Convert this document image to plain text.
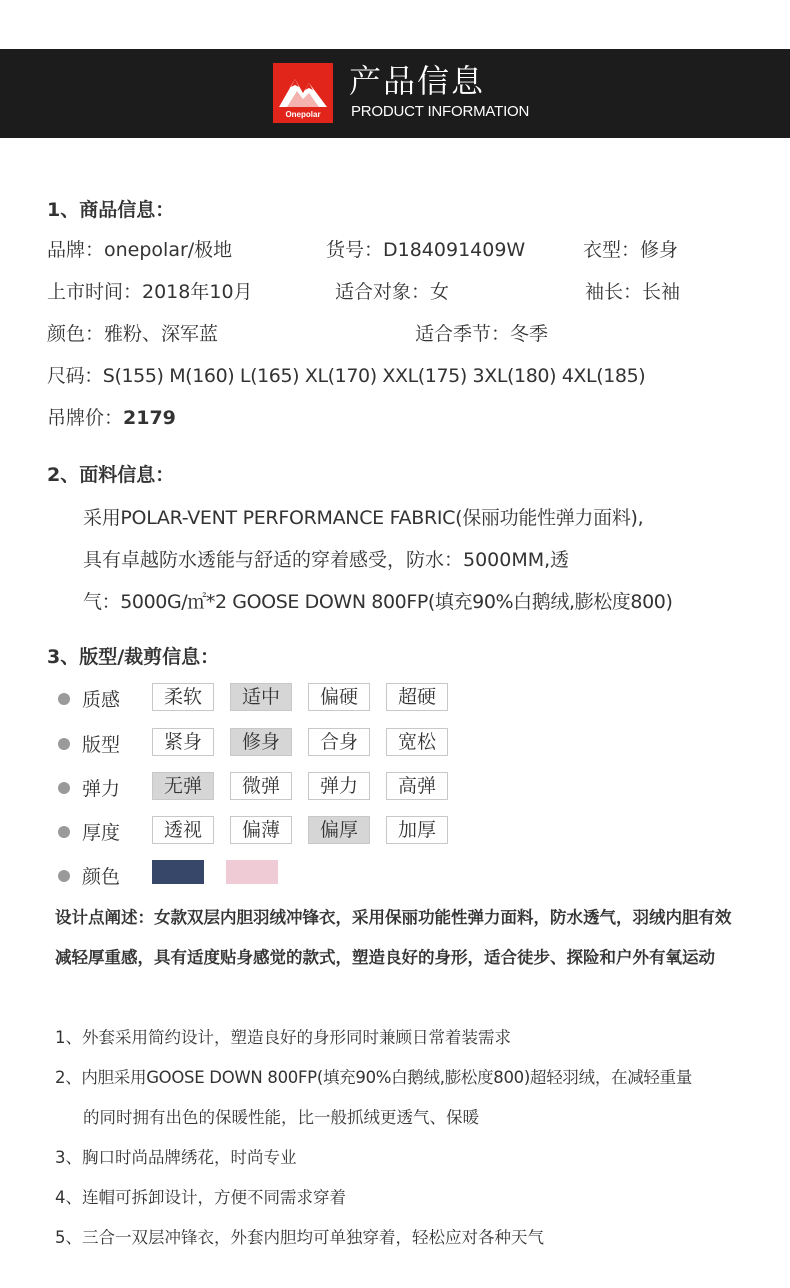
Onepolar
产品信息
PRODUCT INFORMATION
1、商品信息：
品牌：onepolar/极地	货号：D184091409W	衣型：修身
上市时间：2018年10月	适合对象：女	袖长：长袖
颜色：雅粉、深军蓝	适合季节：冬季
尺码：S(155) M(160) L(165) XL(170) XXL(175) 3XL(180) 4XL(185)
吊牌价：2179
2、面料信息：
采用POLAR-VENT PERFORMANCE FABRIC(保丽功能性弹力面料),
具有卓越防水透能与舒适的穿着感受，防水：5000MM,透
气：5000G/㎡*2 GOOSE DOWN 800FP(填充90%白鹅绒,膨松度800)
3、版型/裁剪信息：
质感	柔软	适中	偏硬	超硬
版型	紧身	修身	合身	宽松
弹力	无弹	微弹	弹力	高弹
厚度	透视	偏薄	偏厚	加厚
颜色
设计点阐述：女款双层内胆羽绒冲锋衣，采用保丽功能性弹力面料，防水透气，羽绒内胆有效减轻厚重感，具有适度贴身感觉的款式，塑造良好的身形，适合徒步、探险和户外有氧运动
1、外套采用简约设计，塑造良好的身形同时兼顾日常着装需求
2、内胆采用GOOSE DOWN 800FP(填充90%白鹅绒,膨松度800)超轻羽绒，在减轻重量
的同时拥有出色的保暖性能，比一般抓绒更透气、保暖
3、胸口时尚品牌绣花，时尚专业
4、连帽可拆卸设计，方便不同需求穿着
5、三合一双层冲锋衣，外套内胆均可单独穿着，轻松应对各种天气
